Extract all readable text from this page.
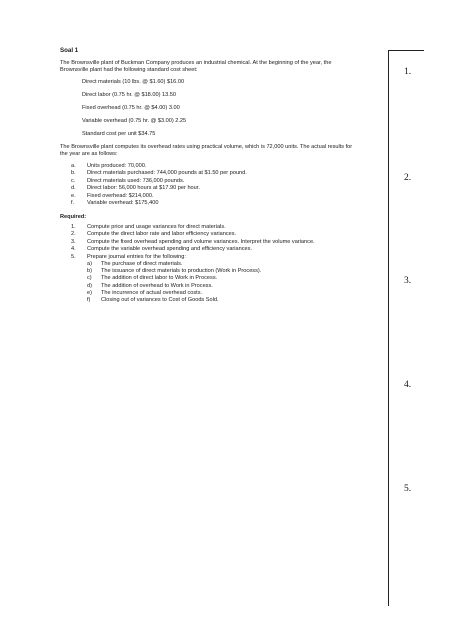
Soal 1
The Brownsville plant of Buckman Company produces an industrial chemical. At the beginning of the year, the Brownsville plant had the following standard cost sheet:
Direct materials (10 lbs. @ $1.60) $16.00
Direct labor (0.75 hr. @ $18.00) 13.50
Fixed overhead (0.75 hr. @ $4.00) 3.00
Variable overhead (0.75 hr. @ $3.00) 2.25
Standard cost per unit $34.75
The Brownsville plant computes its overhead rates using practical volume, which is 72,000 units. The actual results for the year are as follows:
a.	Units produced: 70,000.
b.	Direct materials purchased: 744,000 pounds at $1.50 per pound.
c.	Direct materials used: 736,000 pounds.
d.	Direct labor: 56,000 hours at $17.90 per hour.
e.	Fixed overhead: $214,000.
f.	Variable overhead: $175,400
Required:
1.	Compute price and usage variances for direct materials.
2.	Compute the direct labor rate and labor efficiency variances.
3.	Compute the fixed overhead spending and volume variances. Interpret the volume variance.
4.	Compute the variable overhead spending and efficiency variances.
5.	Prepare journal entries for the following:
a)	The purchase of direct materials.
b)	The issuance of direct materials to production (Work in Process).
c)	The addition of direct labor to Work in Process.
d)	The addition of overhead to Work in Process.
e)	The incurrence of actual overhead costs.
f)	Closing out of variances to Cost of Goods Sold.
1.
2.
3.
4.
5.
